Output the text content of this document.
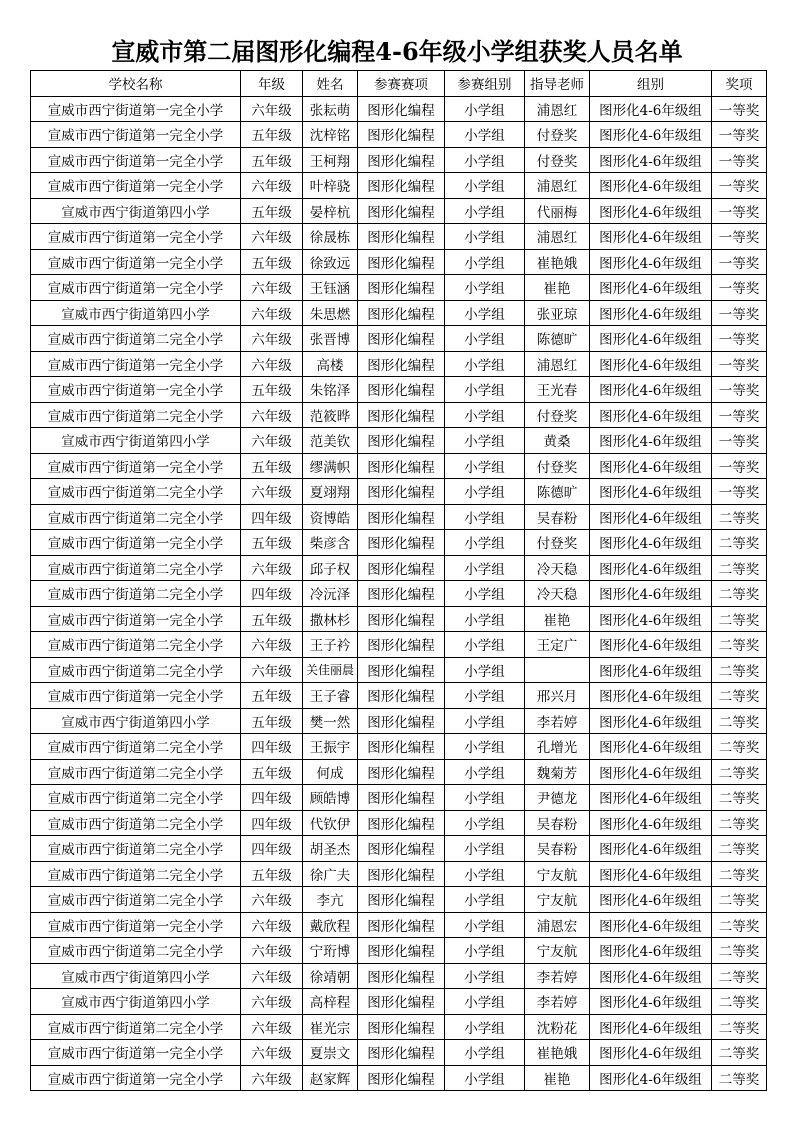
宣威市第二届图形化编程4-6年级小学组获奖人员名单
学校名称	年级	姓名	参赛赛项	参赛组别	指导老师	组别	奖项
宣威市西宁街道第一完全小学	六年级	张耘萌	图形化编程	小学组	浦恩红	图形化4-6年级组	一等奖
宣威市西宁街道第一完全小学	五年级	沈梓铭	图形化编程	小学组	付登奖	图形化4-6年级组	一等奖
宣威市西宁街道第一完全小学	五年级	王柯翔	图形化编程	小学组	付登奖	图形化4-6年级组	一等奖
宣威市西宁街道第一完全小学	六年级	叶梓骁	图形化编程	小学组	浦恩红	图形化4-6年级组	一等奖
宣威市西宁街道第四小学	五年级	晏梓杭	图形化编程	小学组	代丽梅	图形化4-6年级组	一等奖
宣威市西宁街道第一完全小学	六年级	徐晟栋	图形化编程	小学组	浦恩红	图形化4-6年级组	一等奖
宣威市西宁街道第一完全小学	五年级	徐致远	图形化编程	小学组	崔艳娥	图形化4-6年级组	一等奖
宣威市西宁街道第一完全小学	六年级	王钰涵	图形化编程	小学组	崔艳	图形化4-6年级组	一等奖
宣威市西宁街道第四小学	六年级	朱思燃	图形化编程	小学组	张亚琼	图形化4-6年级组	一等奖
宣威市西宁街道第二完全小学	六年级	张晋博	图形化编程	小学组	陈德旷	图形化4-6年级组	一等奖
宣威市西宁街道第一完全小学	六年级	高楼	图形化编程	小学组	浦恩红	图形化4-6年级组	一等奖
宣威市西宁街道第一完全小学	五年级	朱铭泽	图形化编程	小学组	王光春	图形化4-6年级组	一等奖
宣威市西宁街道第二完全小学	六年级	范筱晔	图形化编程	小学组	付登奖	图形化4-6年级组	一等奖
宣威市西宁街道第四小学	六年级	范美钦	图形化编程	小学组	黄桑	图形化4-6年级组	一等奖
宣威市西宁街道第一完全小学	五年级	缪满帜	图形化编程	小学组	付登奖	图形化4-6年级组	一等奖
宣威市西宁街道第二完全小学	六年级	夏翊翔	图形化编程	小学组	陈德旷	图形化4-6年级组	一等奖
宣威市西宁街道第二完全小学	四年级	资博皓	图形化编程	小学组	吴春粉	图形化4-6年级组	二等奖
宣威市西宁街道第一完全小学	五年级	柴彦含	图形化编程	小学组	付登奖	图形化4-6年级组	二等奖
宣威市西宁街道第二完全小学	六年级	邱子权	图形化编程	小学组	冷天稳	图形化4-6年级组	二等奖
宣威市西宁街道第二完全小学	四年级	冷沅泽	图形化编程	小学组	冷天稳	图形化4-6年级组	二等奖
宣威市西宁街道第一完全小学	五年级	撒林杉	图形化编程	小学组	崔艳	图形化4-6年级组	二等奖
宣威市西宁街道第二完全小学	六年级	王子衿	图形化编程	小学组	王定广	图形化4-6年级组	二等奖
宣威市西宁街道第二完全小学	六年级	关佳丽晨	图形化编程	小学组		图形化4-6年级组	二等奖
宣威市西宁街道第一完全小学	五年级	王子睿	图形化编程	小学组	邢兴月	图形化4-6年级组	二等奖
宣威市西宁街道第四小学	五年级	樊一然	图形化编程	小学组	李若婷	图形化4-6年级组	二等奖
宣威市西宁街道第二完全小学	四年级	王振宇	图形化编程	小学组	孔增光	图形化4-6年级组	二等奖
宣威市西宁街道第二完全小学	五年级	何成	图形化编程	小学组	魏菊芳	图形化4-6年级组	二等奖
宣威市西宁街道第二完全小学	四年级	顾皓博	图形化编程	小学组	尹德龙	图形化4-6年级组	二等奖
宣威市西宁街道第二完全小学	四年级	代钦伊	图形化编程	小学组	吴春粉	图形化4-6年级组	二等奖
宣威市西宁街道第二完全小学	四年级	胡圣杰	图形化编程	小学组	吴春粉	图形化4-6年级组	二等奖
宣威市西宁街道第二完全小学	五年级	徐广夫	图形化编程	小学组	宁友航	图形化4-6年级组	二等奖
宣威市西宁街道第二完全小学	六年级	李亢	图形化编程	小学组	宁友航	图形化4-6年级组	二等奖
宣威市西宁街道第一完全小学	六年级	戴欣程	图形化编程	小学组	浦恩宏	图形化4-6年级组	二等奖
宣威市西宁街道第二完全小学	六年级	宁珩博	图形化编程	小学组	宁友航	图形化4-6年级组	二等奖
宣威市西宁街道第四小学	六年级	徐靖朝	图形化编程	小学组	李若婷	图形化4-6年级组	二等奖
宣威市西宁街道第四小学	六年级	高梓程	图形化编程	小学组	李若婷	图形化4-6年级组	二等奖
宣威市西宁街道第二完全小学	六年级	崔光宗	图形化编程	小学组	沈粉花	图形化4-6年级组	二等奖
宣威市西宁街道第一完全小学	六年级	夏崇文	图形化编程	小学组	崔艳娥	图形化4-6年级组	二等奖
宣威市西宁街道第一完全小学	六年级	赵家辉	图形化编程	小学组	崔艳	图形化4-6年级组	二等奖
